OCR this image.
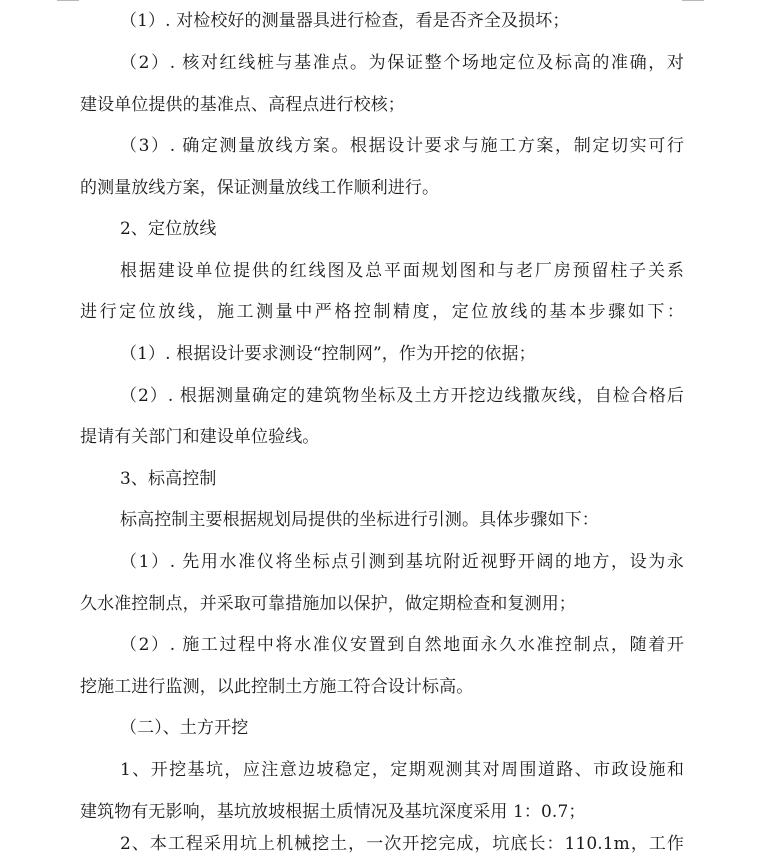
（1）. 对检校好的测量器具进行检查，看是否齐全及损坏；
（2）. 核对红线桩与基准点。为保证整个场地定位及标高的准确，对
建设单位提供的基准点、高程点进行校核；
（3）. 确定测量放线方案。根据设计要求与施工方案，制定切实可行
的测量放线方案，保证测量放线工作顺利进行。
2、定位放线
根据建设单位提供的红线图及总平面规划图和与老厂房预留柱子关系
进行定位放线，施工测量中严格控制精度，定位放线的基本步骤如下：
（1）. 根据设计要求测设“控制网”，作为开挖的依据；
（2）. 根据测量确定的建筑物坐标及土方开挖边线撒灰线，自检合格后
提请有关部门和建设单位验线。
3、标高控制
标高控制主要根据规划局提供的坐标进行引测。具体步骤如下：
（1）. 先用水准仪将坐标点引测到基坑附近视野开阔的地方，设为永
久水准控制点，并采取可靠措施加以保护，做定期检查和复测用；
（2）. 施工过程中将水准仪安置到自然地面永久水准控制点，随着开
挖施工进行监测，以此控制土方施工符合设计标高。
（二）、土方开挖
1、开挖基坑，应注意边坡稳定，定期观测其对周围道路、市政设施和
建筑物有无影响，基坑放坡根据土质情况及基坑深度采用 1：0.7；
2、本工程采用坑上机械挖土，一次开挖完成，坑底长：110.1m，工作
